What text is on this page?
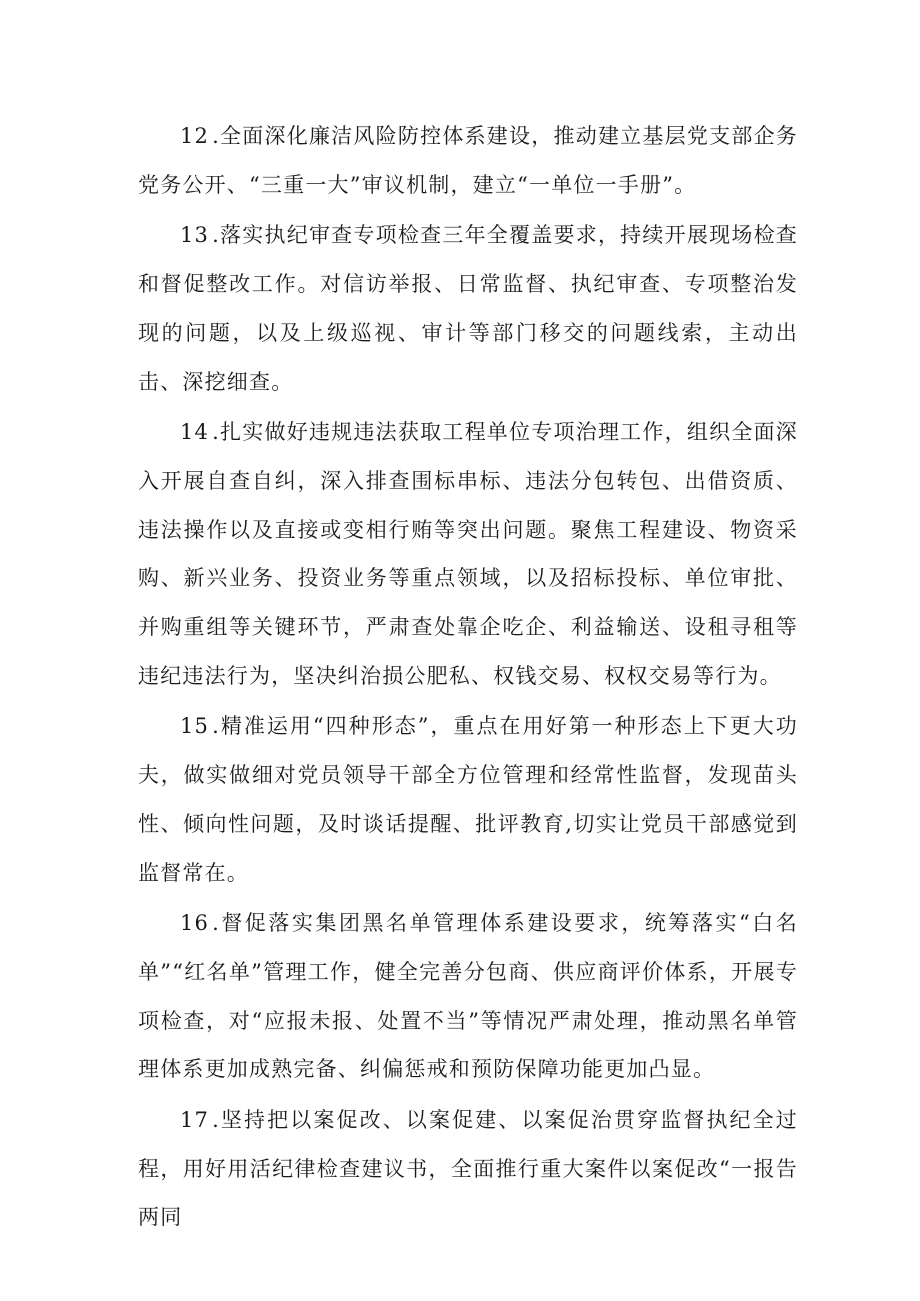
12 .全面深化廉洁风险防控体系建设，推动建立基层党支部企务党务公开、“三重一大”审议机制，建立“一单位一手册”。

13 .落实执纪审查专项检查三年全覆盖要求，持续开展现场检查和督促整改工作。对信访举报、日常监督、执纪审查、专项整治发现的问题，以及上级巡视、审计等部门移交的问题线索，主动出击、深挖细查。

14 .扎实做好违规违法获取工程单位专项治理工作，组织全面深入开展自查自纠，深入排查围标串标、违法分包转包、出借资质、违法操作以及直接或变相行贿等突出问题。聚焦工程建设、物资采购、新兴业务、投资业务等重点领域，以及招标投标、单位审批、并购重组等关键环节，严肃查处靠企吃企、利益输送、设租寻租等违纪违法行为，坚决纠治损公肥私、权钱交易、权权交易等行为。

15 .精准运用“四种形态”，重点在用好第一种形态上下更大功夫，做实做细对党员领导干部全方位管理和经常性监督，发现苗头性、倾向性问题，及时谈话提醒、批评教育,切实让党员干部感觉到监督常在。

16 .督促落实集团黑名单管理体系建设要求，统筹落实“白名单”“红名单”管理工作，健全完善分包商、供应商评价体系，开展专项检查，对“应报未报、处置不当”等情况严肃处理，推动黑名单管理体系更加成熟完备、纠偏惩戒和预防保障功能更加凸显。

17 .坚持把以案促改、以案促建、以案促治贯穿监督执纪全过程，用好用活纪律检查建议书，全面推行重大案件以案促改“一报告两同
